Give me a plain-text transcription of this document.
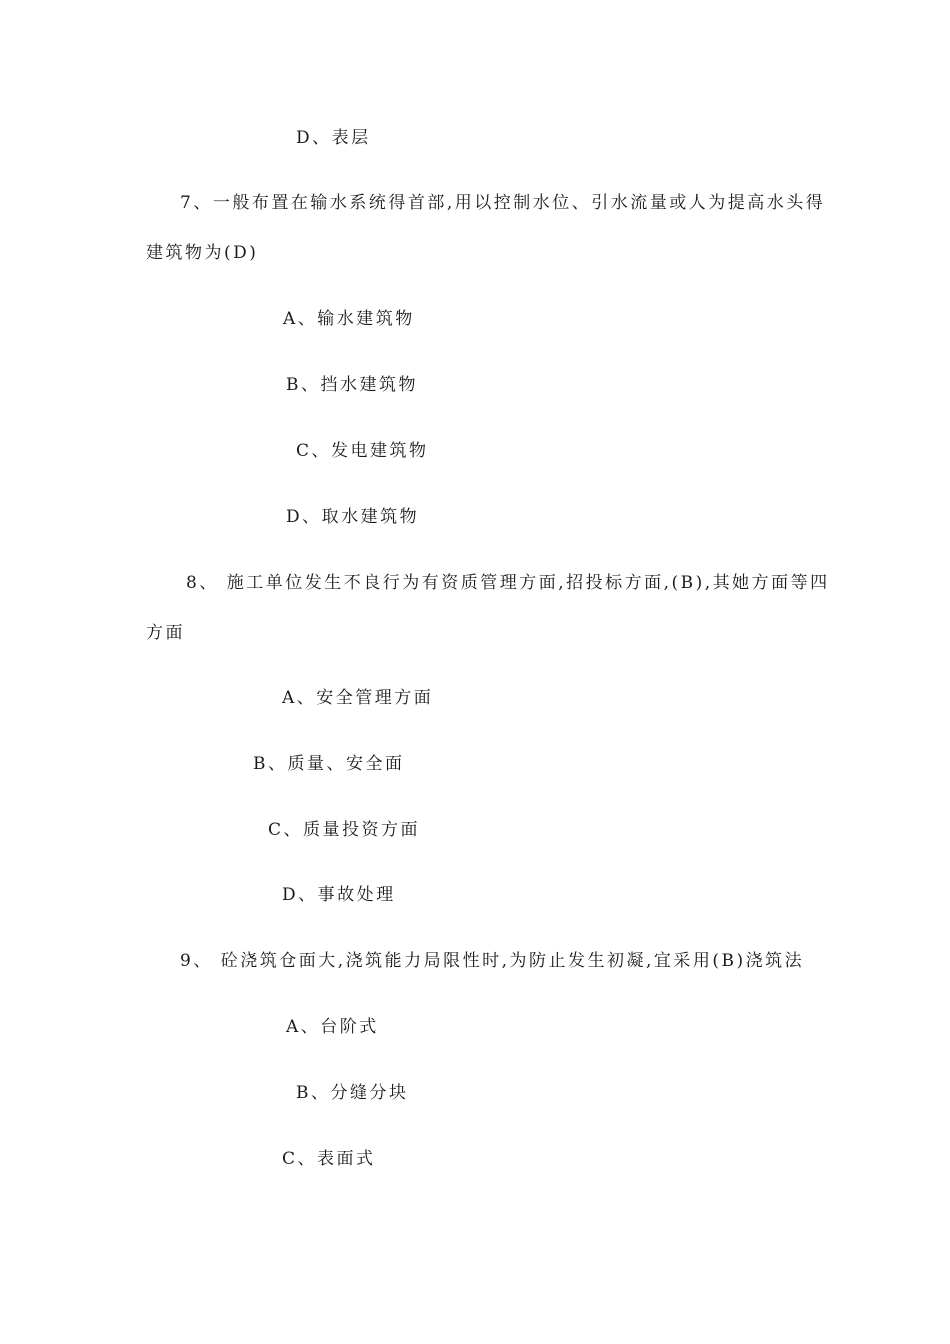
D、表层
7、一般布置在输水系统得首部,用以控制水位、引水流量或人为提高水头得
建筑物为(D)
A、输水建筑物
B、挡水建筑物
C、发电建筑物
D、取水建筑物
8、 施工单位发生不良行为有资质管理方面,招投标方面,(B),其她方面等四
方面
A、安全管理方面
B、质量、安全面
C、质量投资方面
D、事故处理
9、 砼浇筑仓面大,浇筑能力局限性时,为防止发生初凝,宜采用(B)浇筑法
A、台阶式
B、分缝分块
C、表面式
